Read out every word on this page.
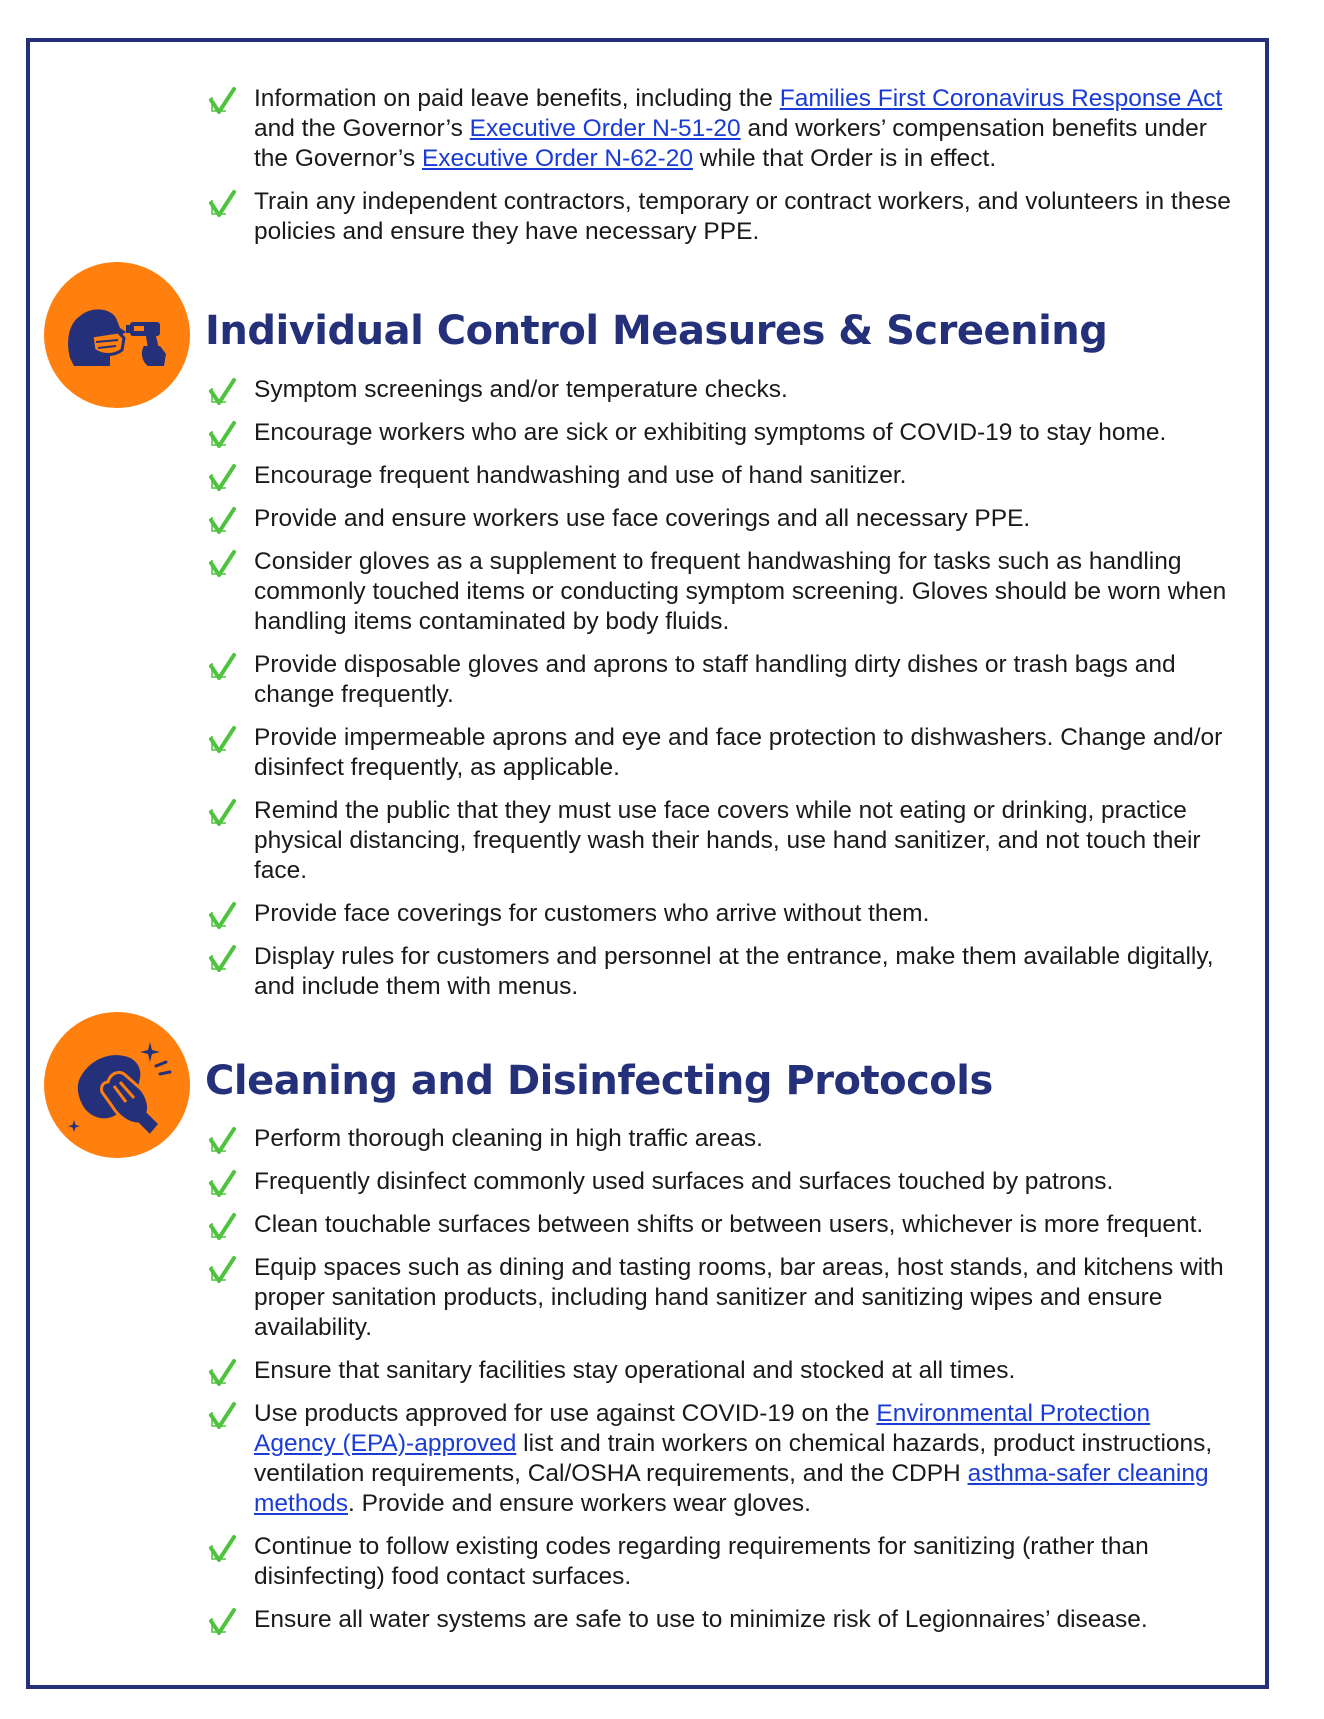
Information on paid leave benefits, including the Families First Coronavirus Response Act and the Governor’s Executive Order N-51-20 and workers’ compensation benefits under the Governor’s Executive Order N-62-20 while that Order is in effect.
Train any independent contractors, temporary or contract workers, and volunteers in these policies and ensure they have necessary PPE.
Individual Control Measures & Screening
Symptom screenings and/or temperature checks.
Encourage workers who are sick or exhibiting symptoms of COVID-19 to stay home.
Encourage frequent handwashing and use of hand sanitizer.
Provide and ensure workers use face coverings and all necessary PPE.
Consider gloves as a supplement to frequent handwashing for tasks such as handling commonly touched items or conducting symptom screening. Gloves should be worn when handling items contaminated by body fluids.
Provide disposable gloves and aprons to staff handling dirty dishes or trash bags and change frequently.
Provide impermeable aprons and eye and face protection to dishwashers. Change and/or disinfect frequently, as applicable.
Remind the public that they must use face covers while not eating or drinking, practice physical distancing, frequently wash their hands, use hand sanitizer, and not touch their face.
Provide face coverings for customers who arrive without them.
Display rules for customers and personnel at the entrance, make them available digitally, and include them with menus.
Cleaning and Disinfecting Protocols
Perform thorough cleaning in high traffic areas.
Frequently disinfect commonly used surfaces and surfaces touched by patrons.
Clean touchable surfaces between shifts or between users, whichever is more frequent.
Equip spaces such as dining and tasting rooms, bar areas, host stands, and kitchens with proper sanitation products, including hand sanitizer and sanitizing wipes and ensure availability.
Ensure that sanitary facilities stay operational and stocked at all times.
Use products approved for use against COVID-19 on the Environmental Protection Agency (EPA)-approved list and train workers on chemical hazards, product instructions, ventilation requirements, Cal/OSHA requirements, and the CDPH asthma-safer cleaning methods. Provide and ensure workers wear gloves.
Continue to follow existing codes regarding requirements for sanitizing (rather than disinfecting) food contact surfaces.
Ensure all water systems are safe to use to minimize risk of Legionnaires’ disease.
